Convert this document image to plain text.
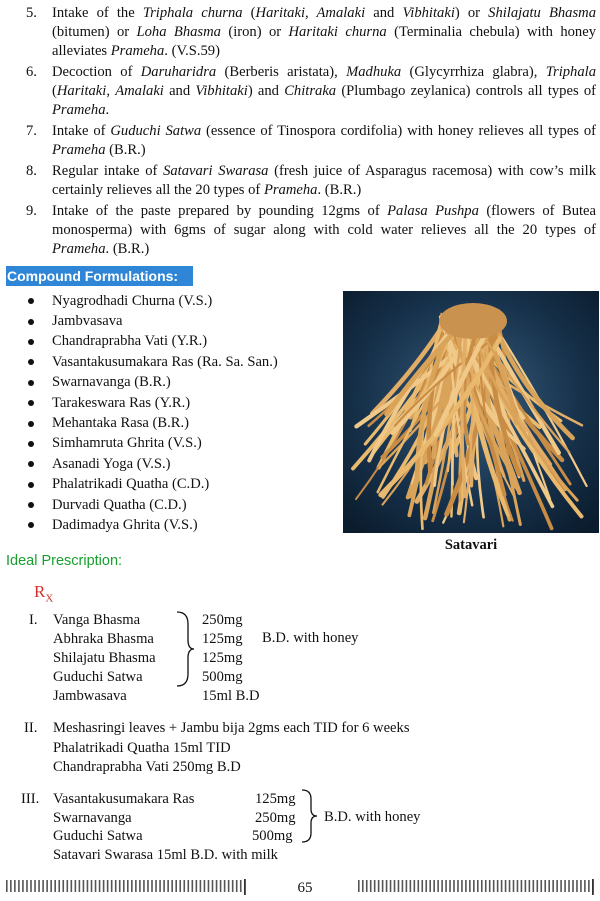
5.	Intake of the Triphala churna (Haritaki, Amalaki and Vibhitaki) or Shilajatu Bhasma (bitumen) or Loha Bhasma (iron) or Haritaki churna (Terminalia chebula) with honey alleviates Prameha. (V.S.59)
6.	Decoction of Daruharidra (Berberis aristata), Madhuka (Glycyrrhiza glabra), Triphala (Haritaki, Amalaki and Vibhitaki) and Chitraka (Plumbago zeylanica) controls all types of Prameha.
7.	Intake of Guduchi Satwa (essence of Tinospora cordifolia) with honey relieves all types of Prameha (B.R.)
8.	Regular intake of Satavari Swarasa (fresh juice of Asparagus racemosa) with cow’s milk certainly relieves all the 20 types of Prameha. (B.R.)
9.	Intake of the paste prepared by pounding 12gms of Palasa Pushpa (flowers of Butea monosperma) with 6gms of sugar along with cold water relieves all the 20 types of Prameha. (B.R.)
Compound Formulations:
Nyagrodhadi Churna (V.S.)
Jambvasava
Chandraprabha Vati (Y.R.)
Vasantakusumakara Ras (Ra. Sa. San.)
Swarnavanga (B.R.)
Tarakeswara Ras (Y.R.)
Mehantaka Rasa (B.R.)
Simhamruta Ghrita (V.S.)
Asanadi Yoga (V.S.)
Phalatrikadi Quatha (C.D.)
Durvadi Quatha (C.D.)
Dadimadya Ghrita (V.S.)
Satavari
Ideal Prescription:
$R_X$
I. Vanga Bhasma	250mg
Abhraka Bhasma	125mg
Shilajatu Bhasma	125mg
Guduchi Satwa	500mg
Jambwasava	15ml B.D
B.D. with honey
II. Meshasringi leaves + Jambu bija 2gms each TID for 6 weeks
Phalatrikadi Quatha 15ml TID
Chandraprabha Vati 250mg B.D
III. Vasantakusumakara Ras	125mg
Swarnavanga	250mg
Guduchi Satwa	500mg
B.D. with honey
Satavari Swarasa 15ml B.D. with milk
65
